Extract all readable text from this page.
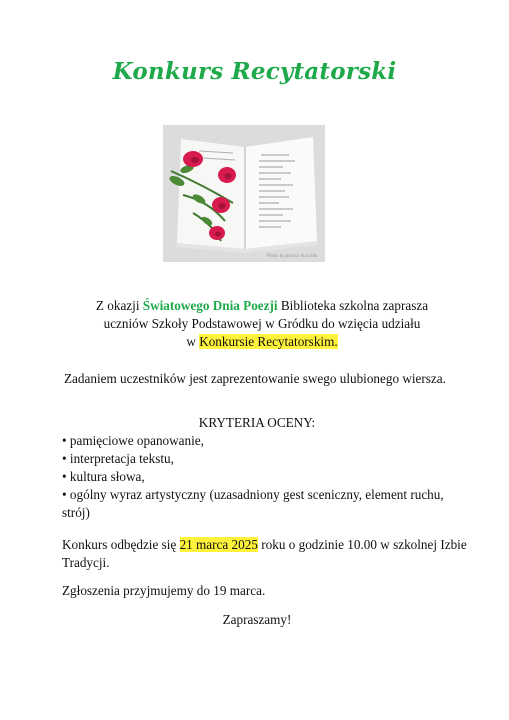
Konkurs Recytatorski
Photo by Jessica Ruscello
Z okazji Światowego Dnia Poezji Biblioteka szkolna zaprasza
uczniów Szkoły Podstawowej w Gródku do wzięcia udziału
w Konkursie Recytatorskim.
Zadaniem uczestników jest zaprezentowanie swego ulubionego wiersza.
KRYTERIA OCENY:
• pamięciowe opanowanie,
• interpretacja tekstu,
• kultura słowa,
• ogólny wyraz artystyczny (uzasadniony gest sceniczny, element ruchu, strój)
Konkurs odbędzie się 21 marca 2025 roku o godzinie 10.00 w szkolnej Izbie Tradycji.
Zgłoszenia przyjmujemy do 19 marca.
Zapraszamy!
